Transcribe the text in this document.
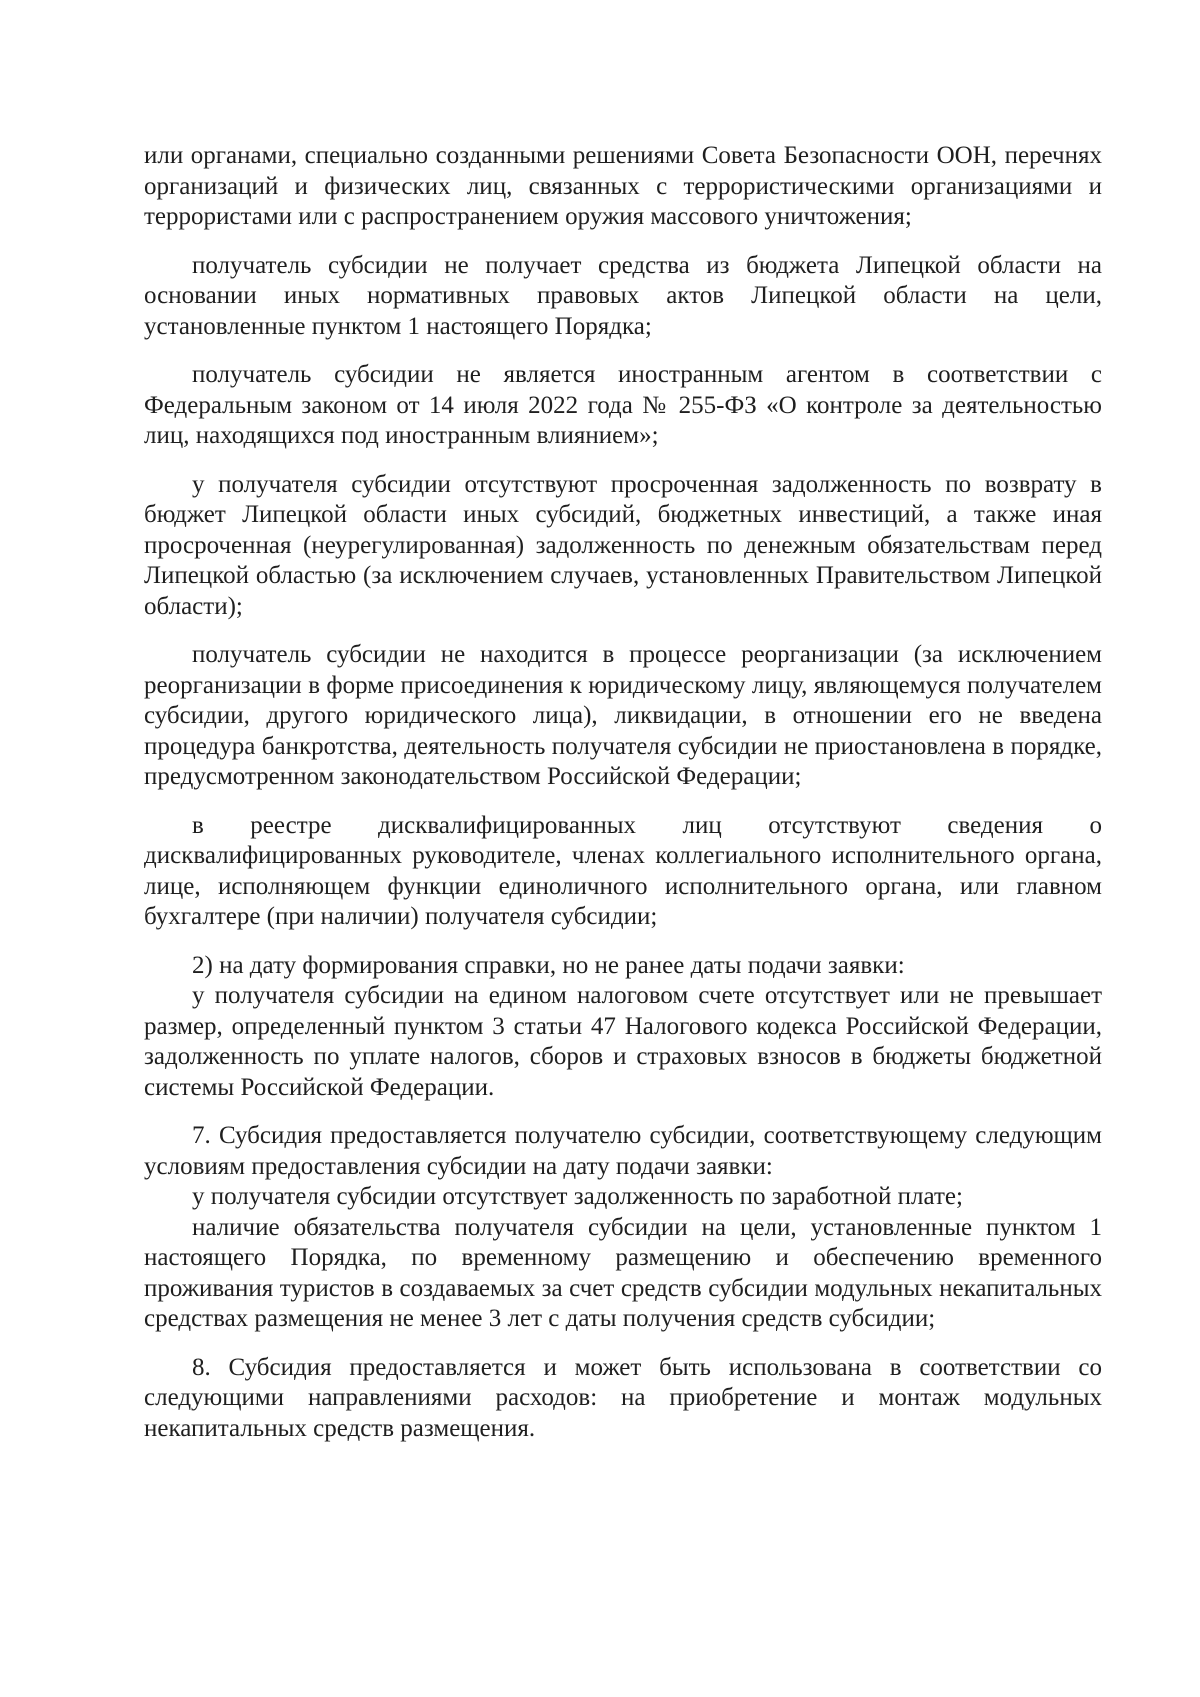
или органами, специально созданными решениями Совета Безопасности ООН, перечнях организаций и физических лиц, связанных с террористическими организациями и террористами или с распространением оружия массового уничтожения;

получатель субсидии не получает средства из бюджета Липецкой области на основании иных нормативных правовых актов Липецкой области на цели, установленные пунктом 1 настоящего Порядка;

получатель субсидии не является иностранным агентом в соответствии с Федеральным законом от 14 июля 2022 года № 255-ФЗ «О контроле за деятельностью лиц, находящихся под иностранным влиянием»;

у получателя субсидии отсутствуют просроченная задолженность по возврату в бюджет Липецкой области иных субсидий, бюджетных инвестиций, а также иная просроченная (неурегулированная) задолженность по денежным обязательствам перед Липецкой областью (за исключением случаев, установленных Правительством Липецкой области);

получатель субсидии не находится в процессе реорганизации (за исключением реорганизации в форме присоединения к юридическому лицу, являющемуся получателем субсидии, другого юридического лица), ликвидации, в отношении его не введена процедура банкротства, деятельность получателя субсидии не приостановлена в порядке, предусмотренном законодательством Российской Федерации;

в реестре дисквалифицированных лиц отсутствуют сведения о дисквалифицированных руководителе, членах коллегиального исполнительного органа, лице, исполняющем функции единоличного исполнительного органа, или главном бухгалтере (при наличии) получателя субсидии;

2) на дату формирования справки, но не ранее даты подачи заявки:

у получателя субсидии на едином налоговом счете отсутствует или не превышает размер, определенный пунктом 3 статьи 47 Налогового кодекса Российской Федерации, задолженность по уплате налогов, сборов и страховых взносов в бюджеты бюджетной системы Российской Федерации.

7. Субсидия предоставляется получателю субсидии, соответствующему следующим условиям предоставления субсидии на дату подачи заявки:

у получателя субсидии отсутствует задолженность по заработной плате;

наличие обязательства получателя субсидии на цели, установленные пунктом 1 настоящего Порядка, по временному размещению и обеспечению временного проживания туристов в создаваемых за счет средств субсидии модульных некапитальных средствах размещения не менее 3 лет с даты получения средств субсидии;

8. Субсидия предоставляется и может быть использована в соответствии со следующими направлениями расходов: на приобретение и монтаж модульных некапитальных средств размещения.
